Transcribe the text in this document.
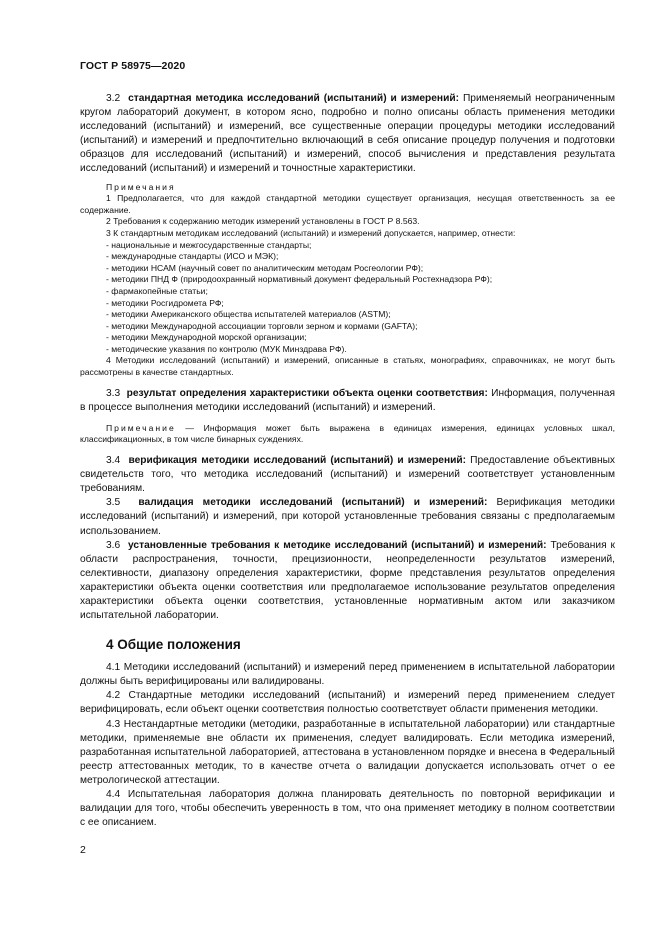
ГОСТ Р 58975—2020

3.2 стандартная методика исследований (испытаний) и измерений: Применяемый неограниченным кругом лабораторий документ, в котором ясно, подробно и полно описаны область применения методики исследований (испытаний) и измерений, все существенные операции процедуры методики исследований (испытаний) и измерений и предпочтительно включающий в себя описание процедур получения и подготовки образцов для исследований (испытаний) и измерений, способ вычисления и представления результата исследований (испытаний) и измерений и точностные характеристики.

Примечания

1 Предполагается, что для каждой стандартной методики существует организация, несущая ответственность за ее содержание.

2 Требования к содержанию методик измерений установлены в ГОСТ Р 8.563.

3 К стандартным методикам исследований (испытаний) и измерений допускается, например, отнести:

- национальные и межгосударственные стандарты;

- международные стандарты (ИСО и МЭК);

- методики НСАМ (научный совет по аналитическим методам Росгеологии РФ);

- методики ПНД Ф (природоохранный нормативный документ федеральный Ростехнадзора РФ);

- фармакопейные статьи;

- методики Росгидромета РФ;

- методики Американского общества испытателей материалов (ASTM);

- методики Международной ассоциации торговли зерном и кормами (GAFTA);

- методики Международной морской организации;

- методические указания по контролю (МУК Минздрава РФ).

4 Методики исследований (испытаний) и измерений, описанные в статьях, монографиях, справочниках, не могут быть рассмотрены в качестве стандартных.

3.3 результат определения характеристики объекта оценки соответствия: Информация, полученная в процессе выполнения методики исследований (испытаний) и измерений.

Примечание — Информация может быть выражена в единицах измерения, единицах условных шкал, классификационных, в том числе бинарных суждениях.

3.4 верификация методики исследований (испытаний) и измерений: Предоставление объективных свидетельств того, что методика исследований (испытаний) и измерений соответствует установленным требованиям.

3.5 валидация методики исследований (испытаний) и измерений: Верификация методики исследований (испытаний) и измерений, при которой установленные требования связаны с предполагаемым использованием.

3.6 установленные требования к методике исследований (испытаний) и измерений: Требования к области распространения, точности, прецизионности, неопределенности результатов измерений, селективности, диапазону определения характеристики, форме представления результатов определения характеристики объекта оценки соответствия или предполагаемое использование результатов определения характеристики объекта оценки соответствия, установленные нормативным актом или заказчиком испытательной лаборатории.

4 Общие положения

4.1 Методики исследований (испытаний) и измерений перед применением в испытательной лаборатории должны быть верифицированы или валидированы.

4.2 Стандартные методики исследований (испытаний) и измерений перед применением следует верифицировать, если объект оценки соответствия полностью соответствует области применения методики.

4.3 Нестандартные методики (методики, разработанные в испытательной лаборатории) или стандартные методики, применяемые вне области их применения, следует валидировать. Если методика измерений, разработанная испытательной лабораторией, аттестована в установленном порядке и внесена в Федеральный реестр аттестованных методик, то в качестве отчета о валидации допускается использовать отчет о ее метрологической аттестации.

4.4 Испытательная лаборатория должна планировать деятельность по повторной верификации и валидации для того, чтобы обеспечить уверенность в том, что она применяет методику в полном соответствии с ее описанием.

2
